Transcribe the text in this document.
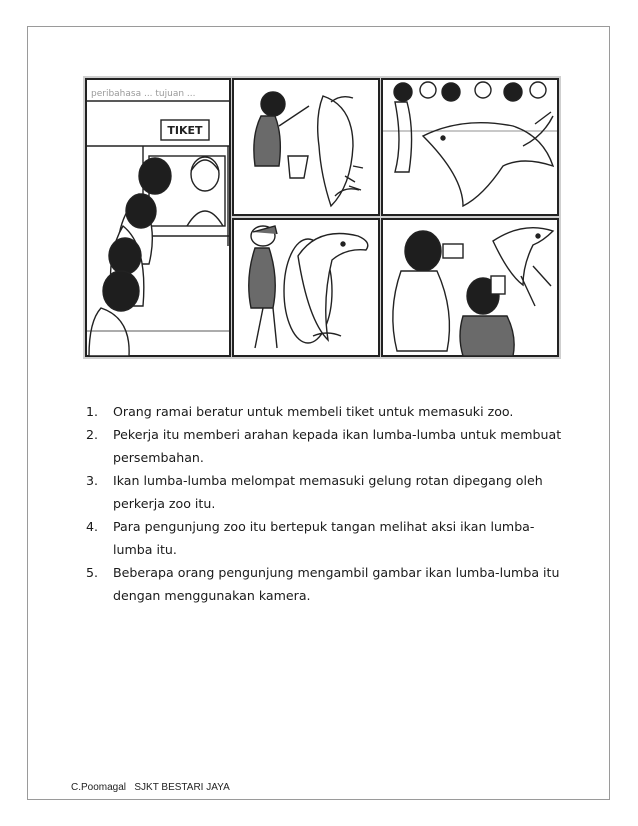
TIKET
peribahasa ... tujuan ...
1. Orang ramai beratur untuk membeli tiket untuk memasuki zoo.
2. Pekerja itu memberi arahan kepada ikan lumba-lumba untuk membuat persembahan.
3. Ikan lumba-lumba melompat memasuki gelung rotan dipegang oleh perkerja zoo itu.
4. Para pengunjung zoo itu bertepuk tangan melihat aksi ikan lumba-lumba itu.
5. Beberapa orang pengunjung mengambil gambar ikan lumba-lumba itu dengan menggunakan kamera.
C.Poomagal   SJKT BESTARI JAYA
